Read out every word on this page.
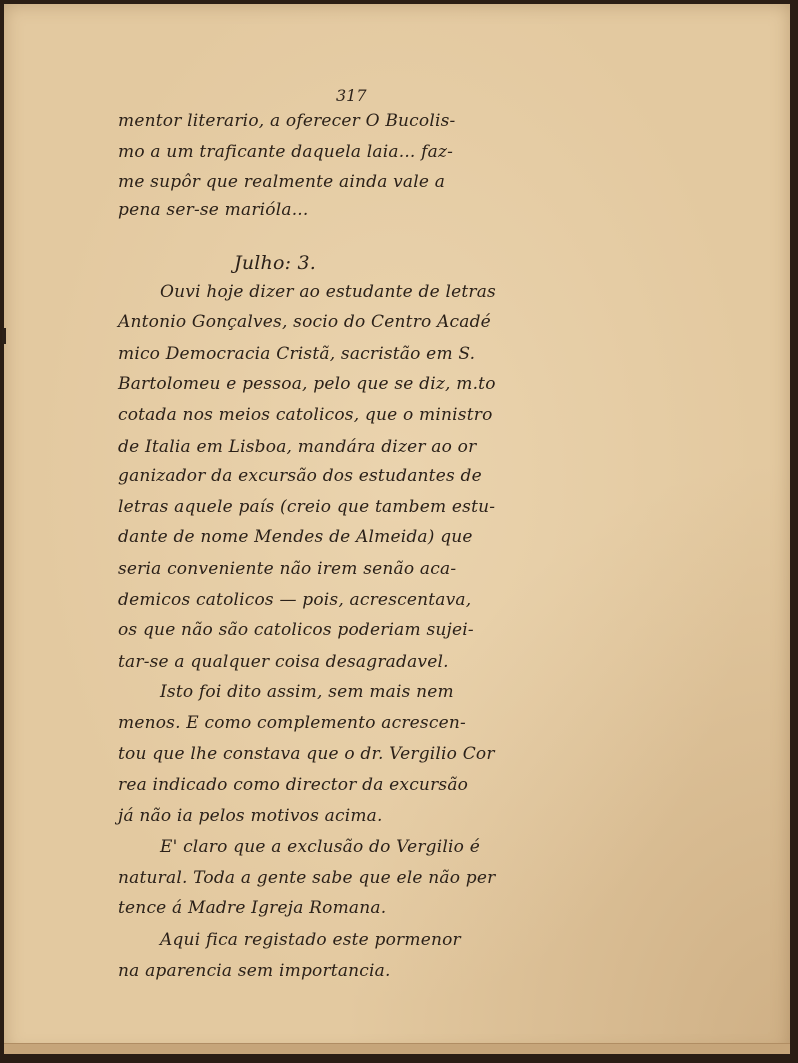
317
mentor literario, a oferecer O Bucolis-
mo a um traficante daquela laia... faz-
me supôr que realmente ainda vale a
pena ser-se marióla...
Julho: 3.
Ouvi hoje dizer ao estudante de letras
Antonio Gonçalves, socio do Centro Acadé
mico Democracia Cristã, sacristão em S.
Bartolomeu e pessoa, pelo que se diz, m.to
cotada nos meios catolicos, que o ministro
de Italia em Lisboa, mandára dizer ao or
ganizador da excursão dos estudantes de
letras aquele país (creio que tambem estu-
dante de nome Mendes de Almeida) que
seria conveniente não irem senão aca-
demicos catolicos — pois, acrescentava,
os que não são catolicos poderiam sujei-
tar-se a qualquer coisa desagradavel.
Isto foi dito assim, sem mais nem
menos. E como complemento acrescen-
tou que lhe constava que o dr. Vergilio Cor
rea indicado como director da excursão
já não ia pelos motivos acima.
E' claro que a exclusão do Vergilio é
natural. Toda a gente sabe que ele não per
tence á Madre Igreja Romana.
Aqui fica registado este pormenor
na aparencia sem importancia.
